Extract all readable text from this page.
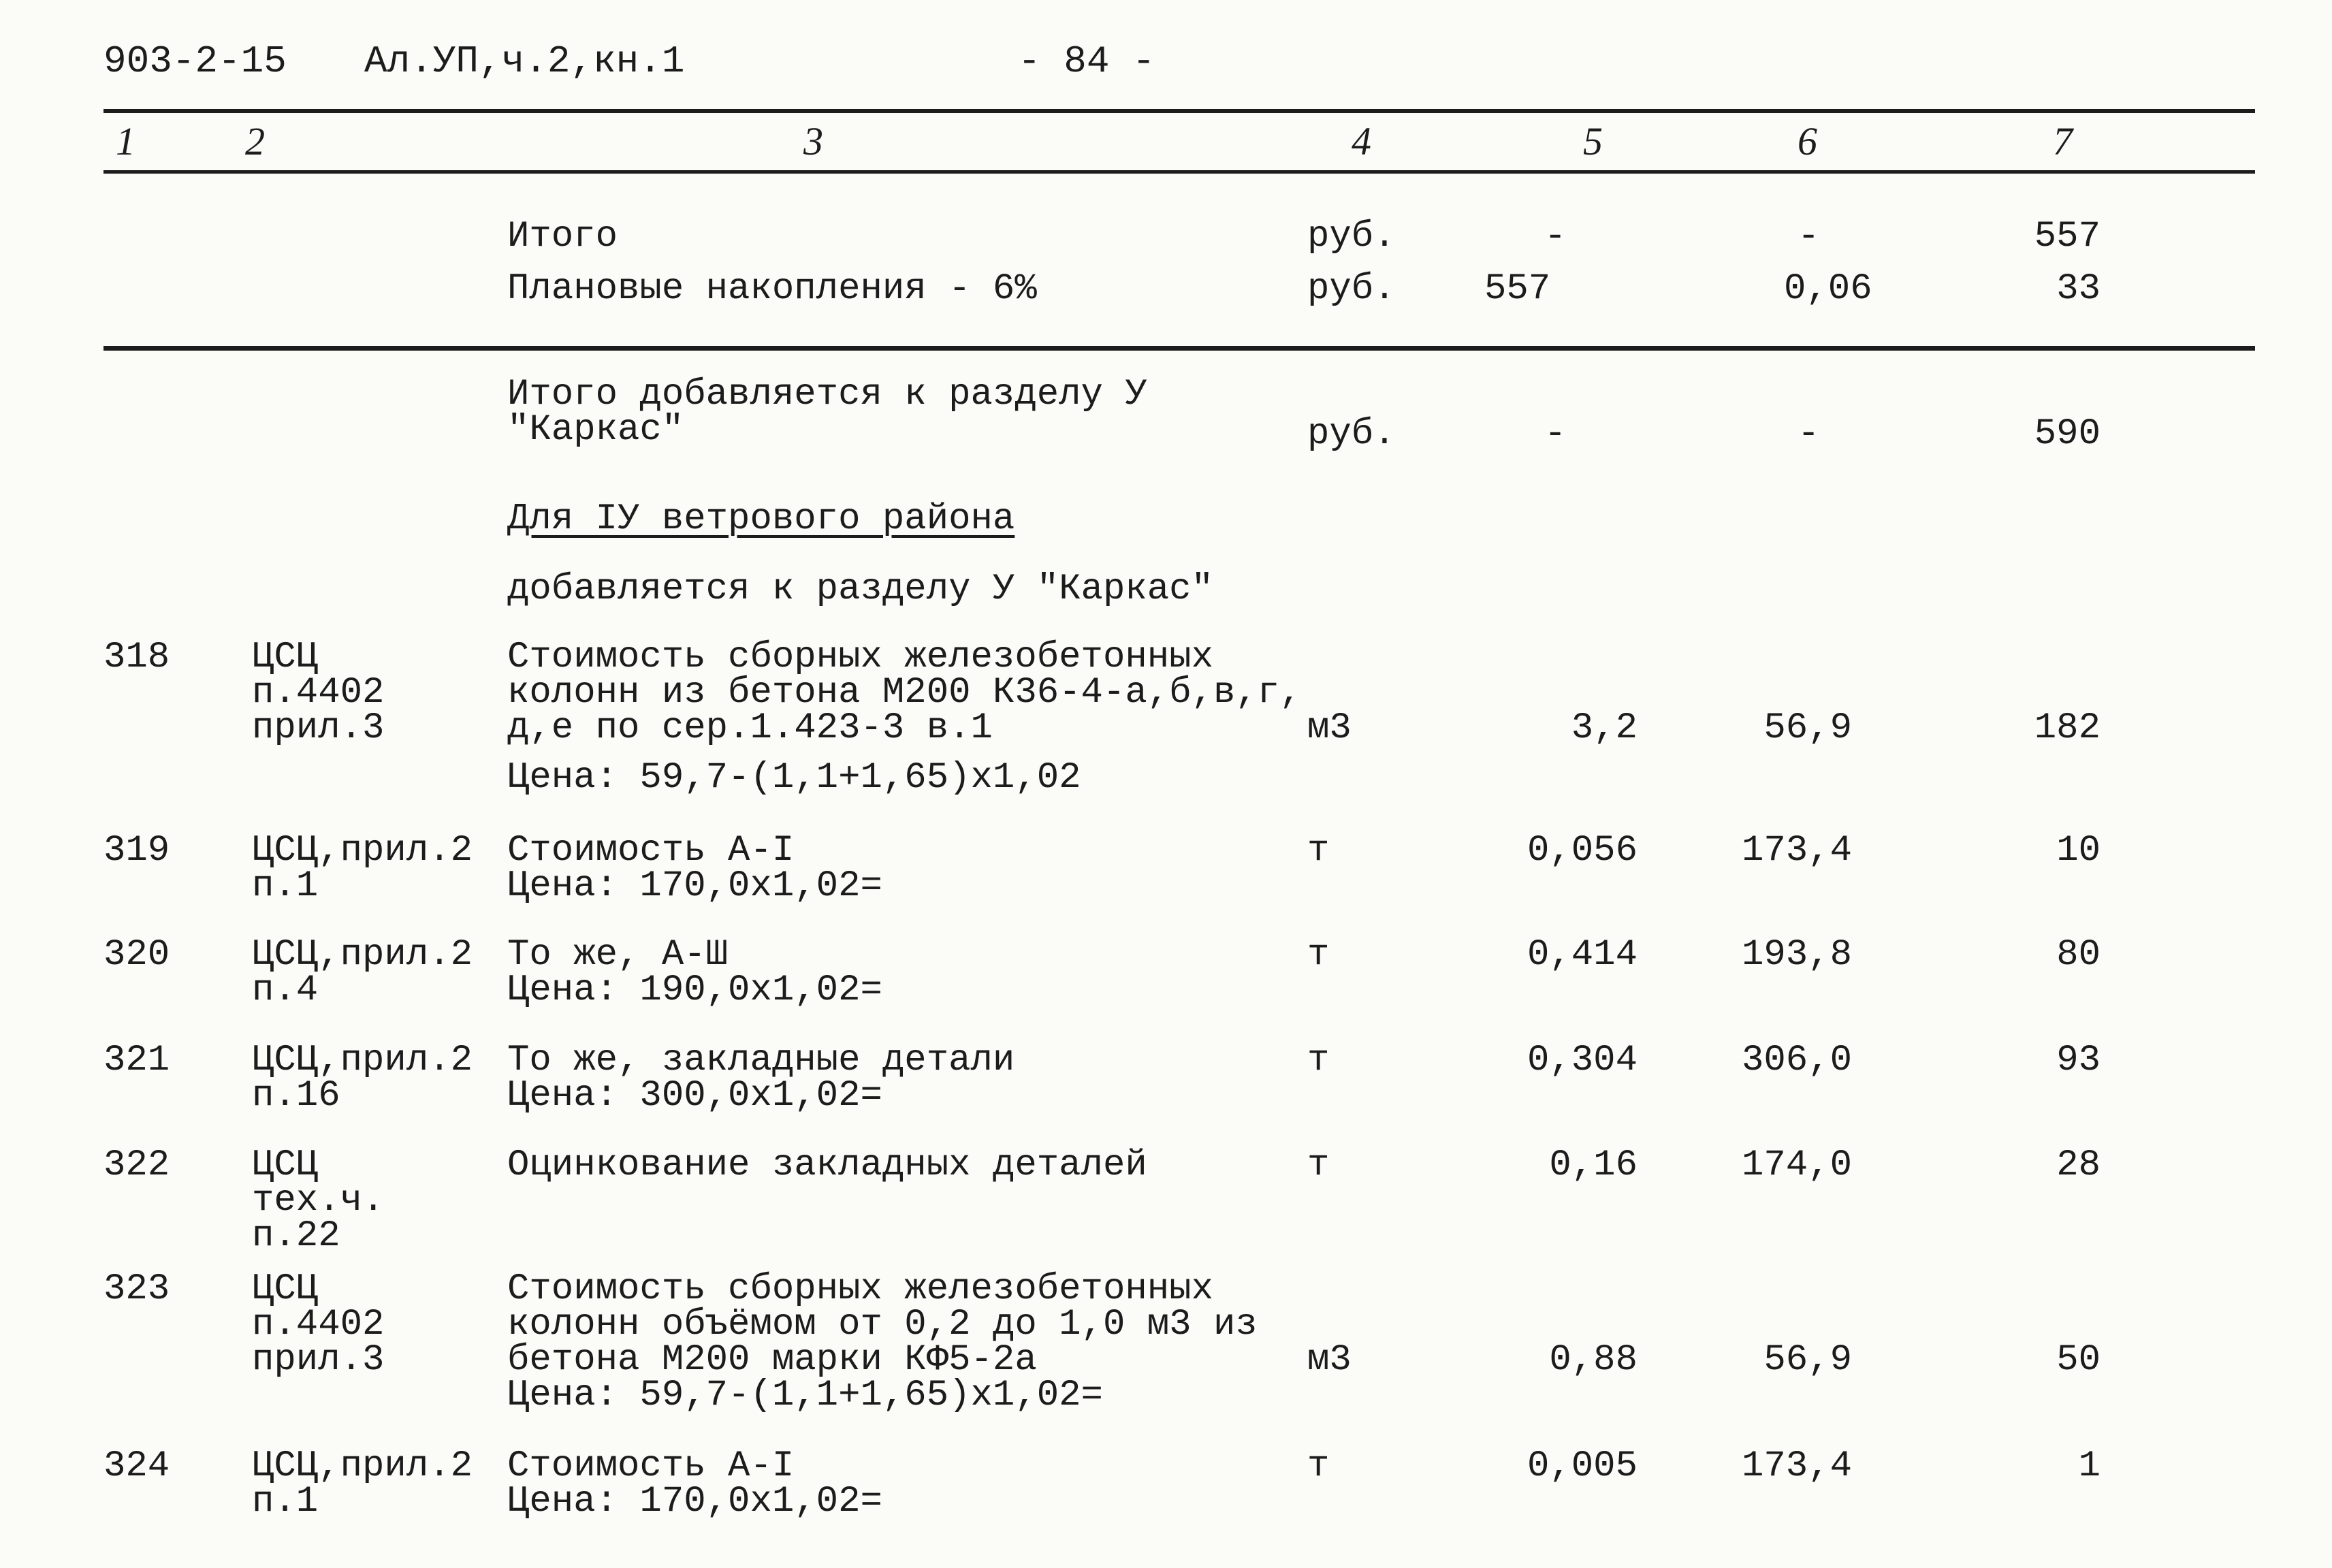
903-2-15 Ал.УП,ч.2,кн.1	- 84 -
1	2	3	4	5	6	7
Итого	руб.	-	-	557
Плановые накопления - 6%	руб. 557	0,06	33
Итого добавляется к разделу У
"Каркас"	руб.	-	-	590
Для IУ ветрового района
добавляется к разделу У "Каркас"
318 ЦСЦ
п.4402
прил.3
Стоимость сборных железобетонных
колонн из бетона М200 К36-4-а,б,в,г,
д,е по сер.1.423-3 в.1
Цена: 59,7-(1,1+1,65)х1,02
м3	3,2	56,9	182
319 ЦСЦ,прил.2
п.1
Стоимость А-I
Цена: 170,0х1,02=
т	0,056	173,4	10
320 ЦСЦ,прил.2
п.4
То же, А-Ш
Цена: 190,0х1,02=
т	0,414	193,8	80
321 ЦСЦ,прил.2
п.16
То же, закладные детали
Цена: 300,0х1,02=
т	0,304	306,0	93
322 ЦСЦ
тех.ч.
п.22
Оцинкование закладных деталей	т	0,16	174,0	28
323 ЦСЦ
п.4402
прил.3
Стоимость сборных железобетонных
колонн объёмом от 0,2 до 1,0 м3 из
бетона М200 марки КФ5-2а
Цена: 59,7-(1,1+1,65)х1,02=
м3	0,88	56,9	50
324 ЦСЦ,прил.2
п.1
Стоимость А-I
Цена: 170,0х1,02=
т	0,005	173,4	1
